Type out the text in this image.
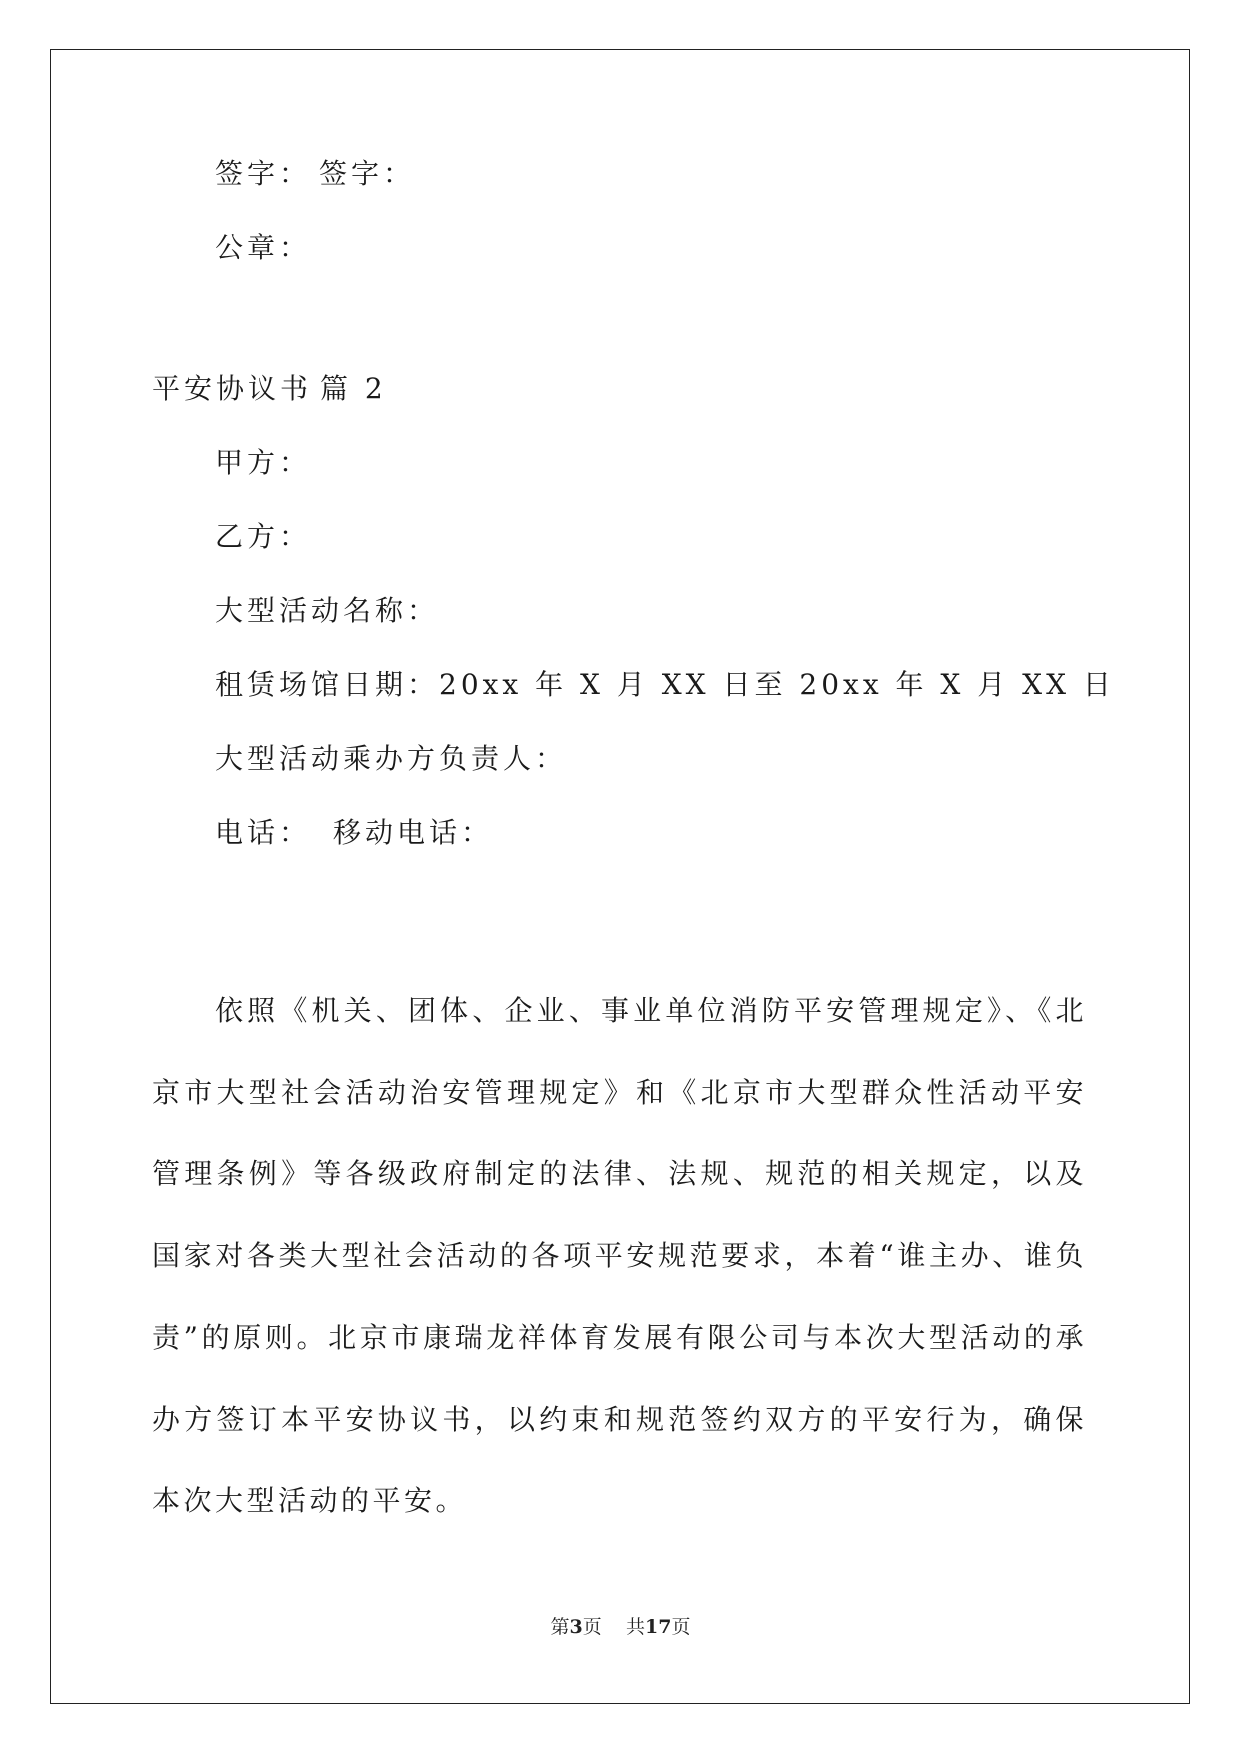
签字： 签字：
公章：
平安协议书 篇 2
甲方：
乙方：
大型活动名称：
租赁场馆日期：20xx 年 X 月 XX 日至 20xx 年 X 月 XX 日
大型活动乘办方负责人：
电话： 移动电话：

依照《机关、团体、企业、事业单位消防平安管理规定》、《北京市大型社会活动治安管理规定》和《北京市大型群众性活动平安管理条例》等各级政府制定的法律、法规、规范的相关规定，以及国家对各类大型社会活动的各项平安规范要求，本着“谁主办、谁负责”的原则。北京市康瑞龙祥体育发展有限公司与本次大型活动的承办方签订本平安协议书，以约束和规范签约双方的平安行为，确保本次大型活动的平安。

第3页 共17页
